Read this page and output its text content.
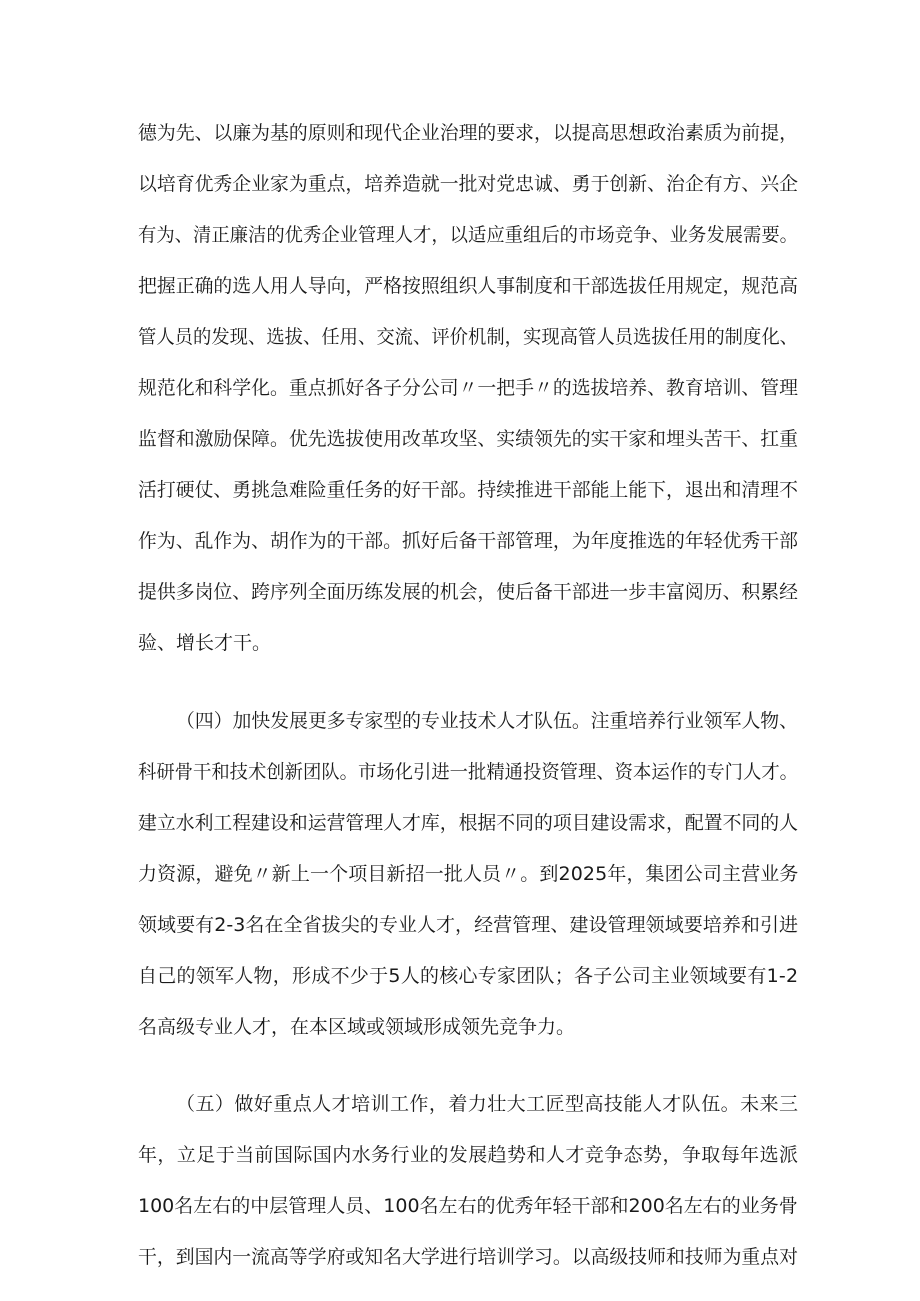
德为先、以廉为基的原则和现代企业治理的要求，以提高思想政治素质为前提，
以培育优秀企业家为重点，培养造就一批对党忠诚、勇于创新、治企有方、兴企
有为、清正廉洁的优秀企业管理人才，以适应重组后的市场竞争、业务发展需要。
把握正确的选人用人导向，严格按照组织人事制度和干部选拔任用规定，规范高
管人员的发现、选拔、任用、交流、评价机制，实现高管人员选拔任用的制度化、
规范化和科学化。重点抓好各子分公司〃一把手〃的选拔培养、教育培训、管理
监督和激励保障。优先选拔使用改革攻坚、实绩领先的实干家和埋头苦干、扛重
活打硬仗、勇挑急难险重任务的好干部。持续推进干部能上能下，退出和清理不
作为、乱作为、胡作为的干部。抓好后备干部管理，为年度推选的年轻优秀干部
提供多岗位、跨序列全面历练发展的机会，使后备干部进一步丰富阅历、积累经
验、增长才干。
（四）加快发展更多专家型的专业技术人才队伍。注重培养行业领军人物、
科研骨干和技术创新团队。市场化引进一批精通投资管理、资本运作的专门人才。
建立水利工程建设和运营管理人才库，根据不同的项目建设需求，配置不同的人
力资源，避免〃新上一个项目新招一批人员〃。到2025年，集团公司主营业务
领域要有2-3名在全省拔尖的专业人才，经营管理、建设管理领域要培养和引进
自己的领军人物，形成不少于5人的核心专家团队；各子公司主业领域要有1-2
名高级专业人才，在本区域或领域形成领先竞争力。
（五）做好重点人才培训工作，着力壮大工匠型高技能人才队伍。未来三
年，立足于当前国际国内水务行业的发展趋势和人才竞争态势，争取每年选派
100名左右的中层管理人员、100名左右的优秀年轻干部和200名左右的业务骨
干，到国内一流高等学府或知名大学进行培训学习。以高级技师和技师为重点对
